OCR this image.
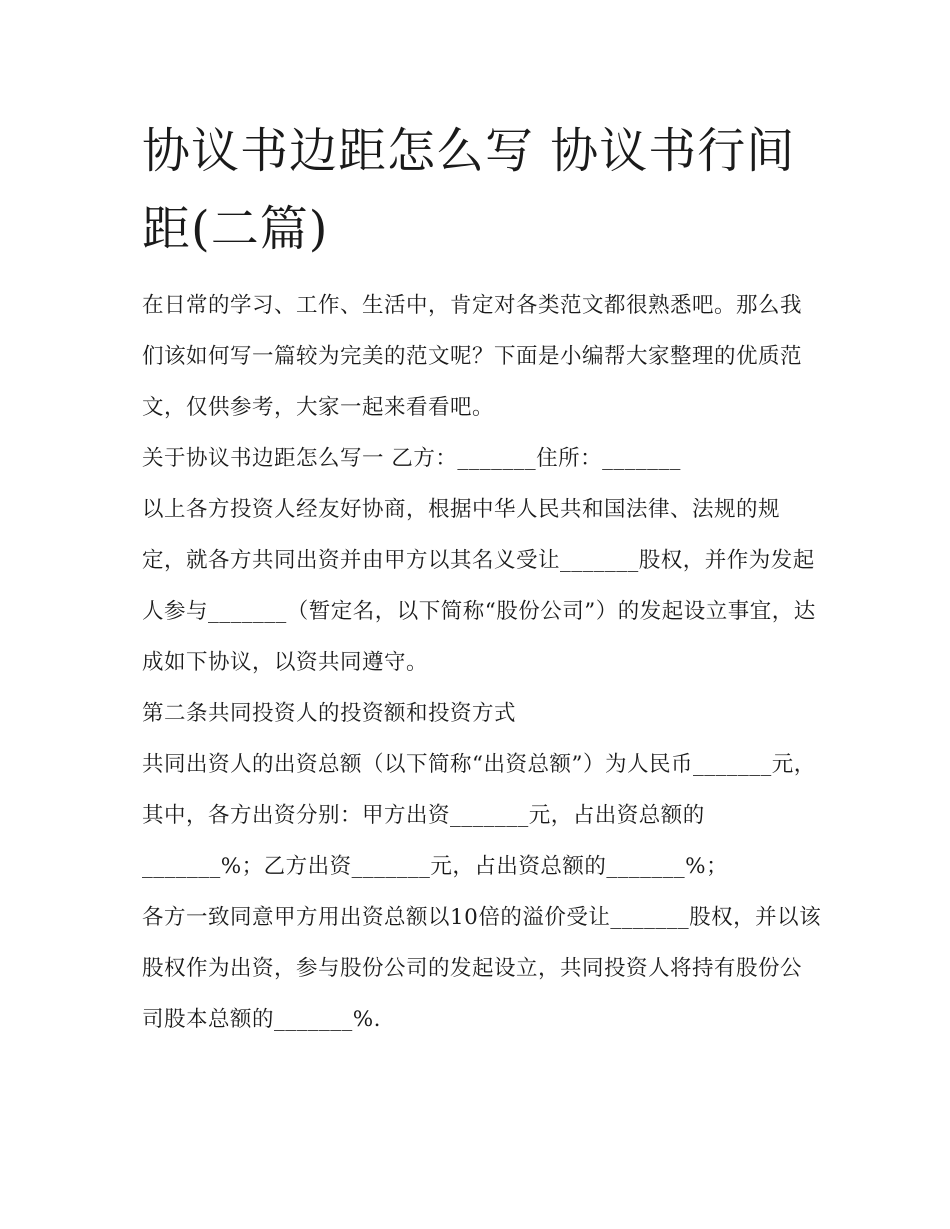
协议书边距怎么写 协议书行间距(二篇)

在日常的学习、工作、生活中，肯定对各类范文都很熟悉吧。那么我们该如何写一篇较为完美的范文呢？下面是小编帮大家整理的优质范文，仅供参考，大家一起来看看吧。

关于协议书边距怎么写一 乙方：_______住所：_______

以上各方投资人经友好协商，根据中华人民共和国法律、法规的规定，就各方共同出资并由甲方以其名义受让_______股权，并作为发起人参与_______（暂定名，以下简称“股份公司”）的发起设立事宜，达成如下协议，以资共同遵守。

第二条共同投资人的投资额和投资方式

共同出资人的出资总额（以下简称“出资总额”）为人民币_______元，其中，各方出资分别：甲方出资_______元，占出资总额的_______%；乙方出资_______元，占出资总额的_______%；

各方一致同意甲方用出资总额以10倍的溢价受让_______股权，并以该股权作为出资，参与股份公司的发起设立，共同投资人将持有股份公司股本总额的_______%.
